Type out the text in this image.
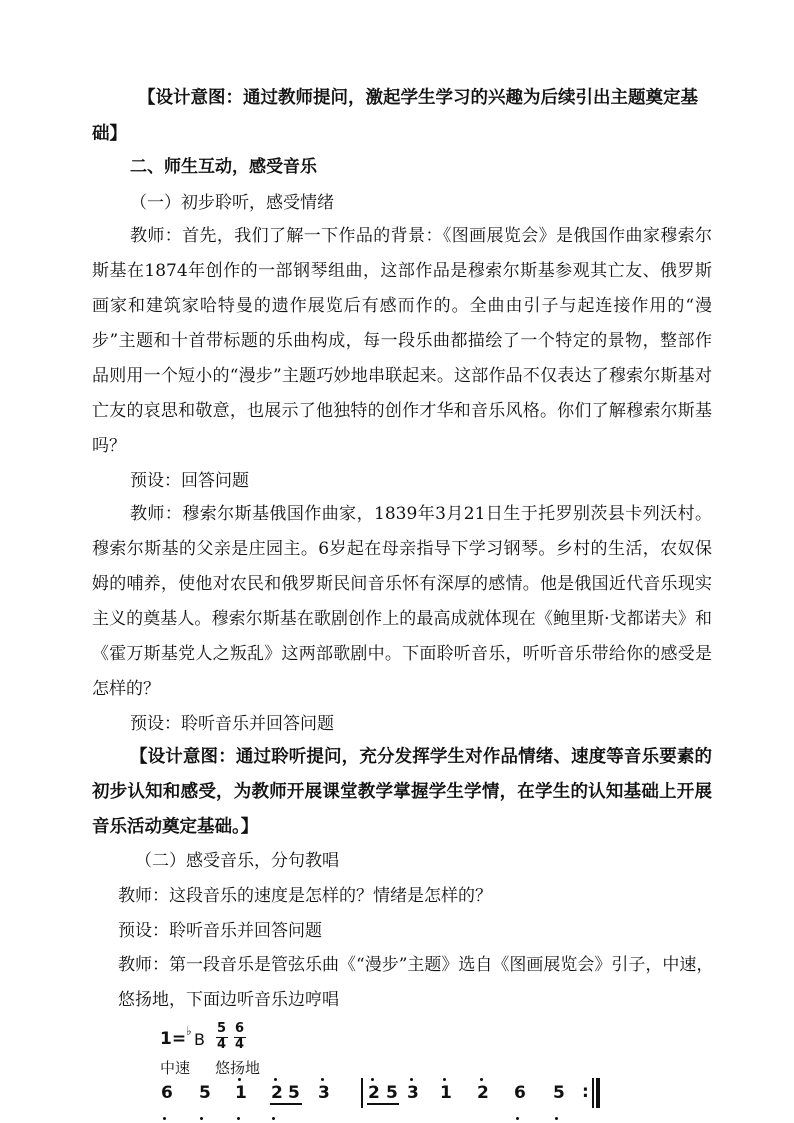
【设计意图：通过教师提问，激起学生学习的兴趣为后续引出主题奠定基础】

二、师生互动，感受音乐

（一）初步聆听，感受情绪

教师：首先，我们了解一下作品的背景：《图画展览会》是俄国作曲家穆索尔斯基在1874年创作的一部钢琴组曲，这部作品是穆索尔斯基参观其亡友、俄罗斯画家和建筑家哈特曼的遗作展览后有感而作的。全曲由引子与起连接作用的“漫步”主题和十首带标题的乐曲构成，每一段乐曲都描绘了一个特定的景物，整部作品则用一个短小的“漫步”主题巧妙地串联起来。这部作品不仅表达了穆索尔斯基对亡友的哀思和敬意，也展示了他独特的创作才华和音乐风格。你们了解穆索尔斯基吗？

预设：回答问题

教师：穆索尔斯基俄国作曲家，1839年3月21日生于托罗别茨县卡列沃村。穆索尔斯基的父亲是庄园主。6岁起在母亲指导下学习钢琴。乡村的生活，农奴保姆的哺养，使他对农民和俄罗斯民间音乐怀有深厚的感情。他是俄国近代音乐现实主义的奠基人。穆索尔斯基在歌剧创作上的最高成就体现在《鲍里斯·戈都诺夫》和《霍万斯基党人之叛乱》这两部歌剧中。下面聆听音乐，听听音乐带给你的感受是怎样的？

预设：聆听音乐并回答问题

【设计意图：通过聆听提问，充分发挥学生对作品情绪、速度等音乐要素的初步认知和感受，为教师开展课堂教学掌握学生学情，在学生的认知基础上开展音乐活动奠定基础。】

（二）感受音乐，分句教唱

教师：这段音乐的速度是怎样的？情绪是怎样的？

预设：聆听音乐并回答问题

教师：第一段音乐是管弦乐曲《“漫步”主题》选自《图画展览会》引子，中速，悠扬地，下面边听音乐边哼唱

1= ♭ B
5
4
6
4
中速 悠扬地
6 5 1 2 5 3 2 5 3 1 2 6 5 :
